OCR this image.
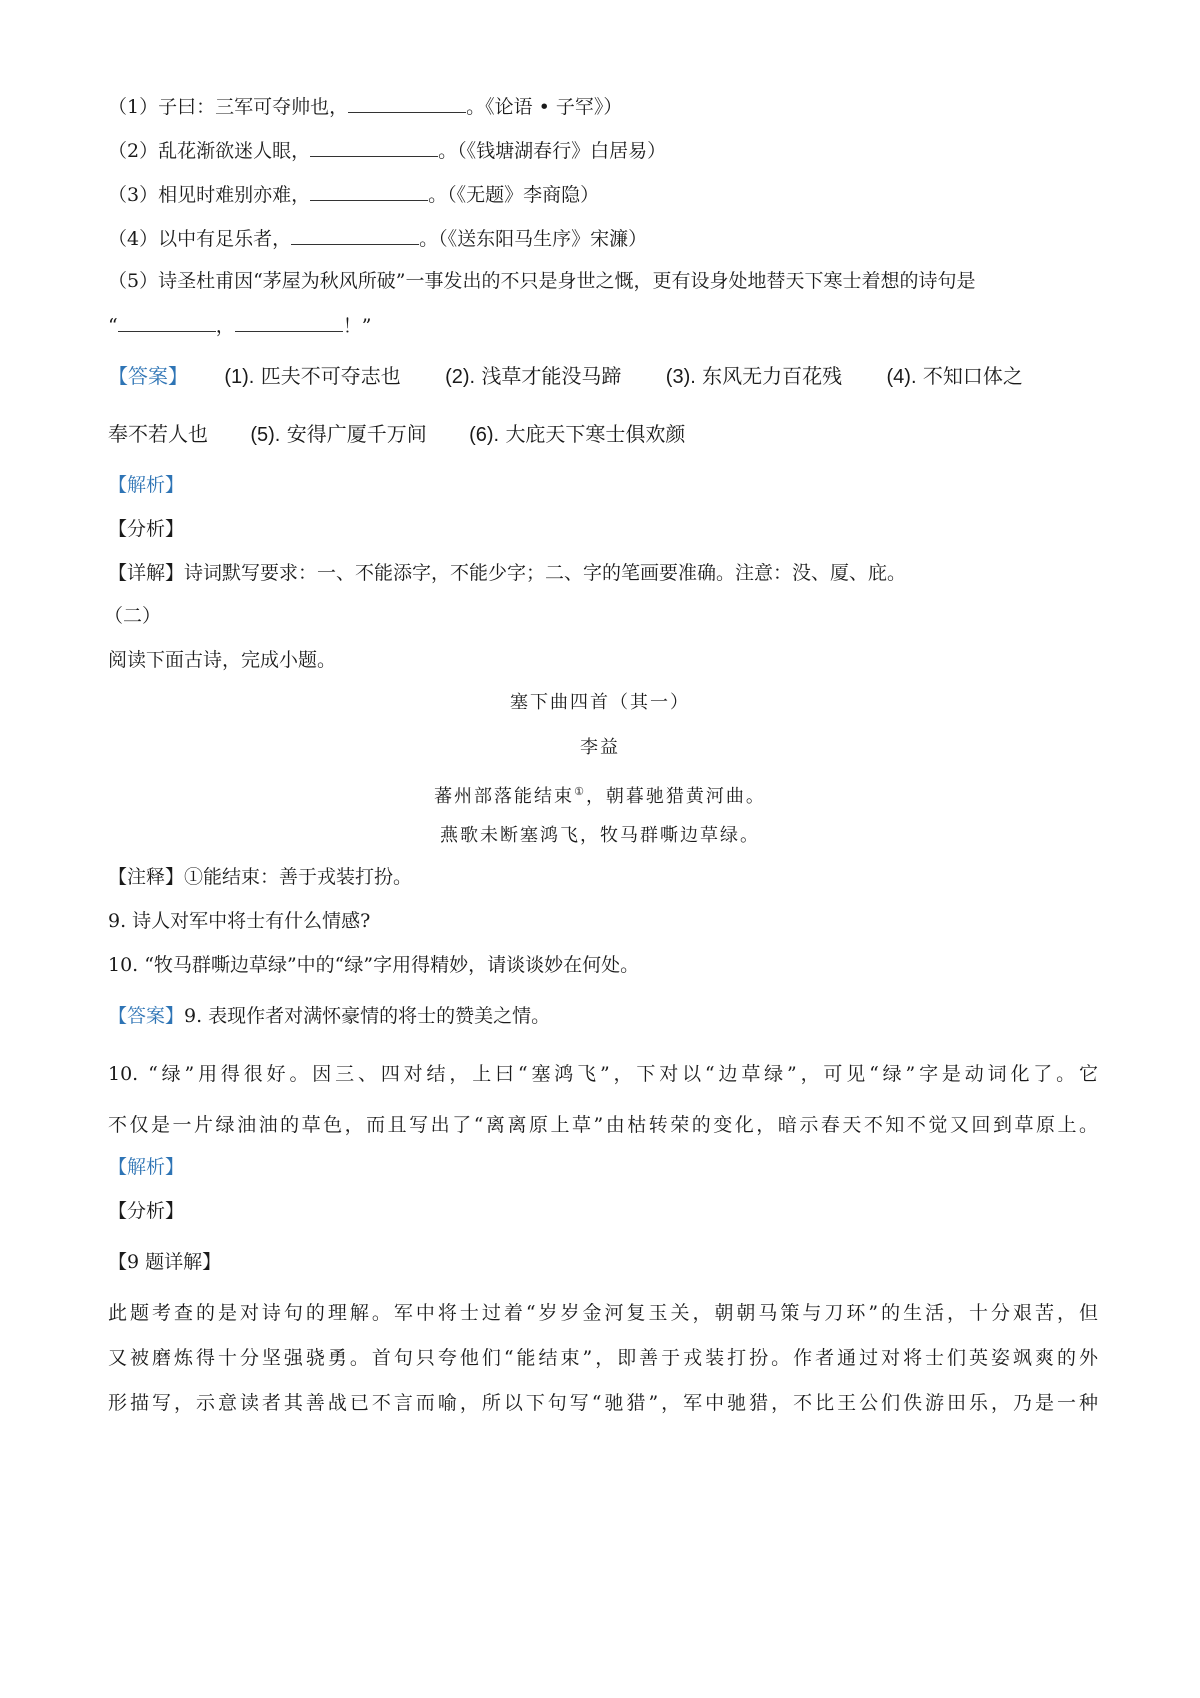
（1）子曰：三军可夺帅也，	。《论语 • 子罕》）
（2）乱花渐欲迷人眼，	。（《钱塘湖春行》白居易）
（3）相见时难别亦难，	。（《无题》李商隐）
（4）以中有足乐者，	。（《送东阳马生序》宋濂）
（5）诗圣杜甫因“茅屋为秋风所破”一事发出的不只是身世之慨，更有设身处地替天下寒士着想的诗句是
“	，	！”
【答案】 (1). 匹夫不可夺志也 (2). 浅草才能没马蹄 (3). 东风无力百花残 (4). 不知口体之
奉不若人也 (5). 安得广厦千万间 (6). 大庇天下寒士俱欢颜
【解析】
【分析】
【详解】诗词默写要求：一、不能添字，不能少字；二、字的笔画要准确。注意：没、厦、庇。
（二）
阅读下面古诗，完成小题。
塞下曲四首（其一）
李益
蕃州部落能结束①，朝暮驰猎黄河曲。
燕歌未断塞鸿飞，牧马群嘶边草绿。
【注释】①能结束：善于戎装打扮。
9. 诗人对军中将士有什么情感?
10. “牧马群嘶边草绿”中的“绿”字用得精妙，请谈谈妙在何处。
【答案】9. 表现作者对满怀豪情的将士的赞美之情。
10. “绿”用得很好。因三、四对结，上曰“塞鸿飞”，下对以“边草绿”，可见“绿”字是动词化了。它
不仅是一片绿油油的草色，而且写出了“离离原上草”由枯转荣的变化，暗示春天不知不觉又回到草原上。
【解析】
【分析】
【9 题详解】
此题考查的是对诗句的理解。军中将士过着“岁岁金河复玉关，朝朝马策与刀环”的生活，十分艰苦，但
又被磨炼得十分坚强骁勇。首句只夸他们“能结束”，即善于戎装打扮。作者通过对将士们英姿飒爽的外
形描写，示意读者其善战已不言而喻，所以下句写“驰猎”，军中驰猎，不比王公们佚游田乐，乃是一种
